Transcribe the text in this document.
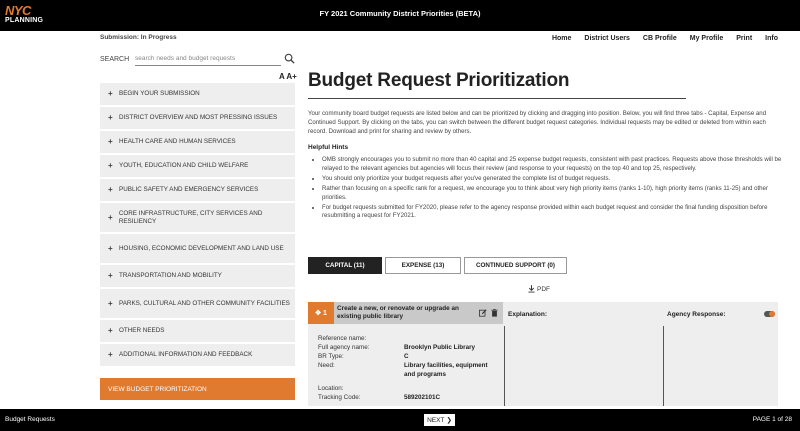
NYC
PLANNING
FY 2021 Community District Priorities (BETA)
Submission: In Progress	Home District Users CB Profile My Profile Print Info
SEARCH
search needs and budget requests
A A+
+ BEGIN YOUR SUBMISSION
+ DISTRICT OVERVIEW AND MOST PRESSING ISSUES
+ HEALTH CARE AND HUMAN SERVICES
+ YOUTH, EDUCATION AND CHILD WELFARE
+ PUBLIC SAFETY AND EMERGENCY SERVICES
+ CORE INFRASTRUCTURE, CITY SERVICES AND RESILIENCY
+ HOUSING, ECONOMIC DEVELOPMENT AND LAND USE
+ TRANSPORTATION AND MOBILITY
+ PARKS, CULTURAL AND OTHER COMMUNITY FACILITIES
+ OTHER NEEDS
+ ADDITIONAL INFORMATION AND FEEDBACK
VIEW BUDGET PRIORITIZATION
Budget Request Prioritization

Your community board budget requests are listed below and can be prioritized by clicking and dragging into position. Below, you will find three tabs - Capital, Expense and Continued Support. By clicking on the tabs, you can switch between the different budget request categories. Individual requests may be edited or deleted from within each record. Download and print for sharing and review by others.

Helpful Hints
• OMB strongly encourages you to submit no more than 40 capital and 25 expense budget requests, consistent with past practices. Requests above those thresholds will be relayed to the relevant agencies but agencies will focus their review (and response to your requests) on the top 40 and top 25, respectively.
• You should only prioritize your budget requests after you've generated the complete list of budget requests.
• Rather than focusing on a specific rank for a request, we encourage you to think about very high priority items (ranks 1-10), high priority items (ranks 11-25) and other priorities.
• For budget requests submitted for FY2020, please refer to the agency response provided within each budget request and consider the final funding disposition before resubmitting a request for FY2021.
CAPITAL (11)	EXPENSE (13)	CONTINUED SUPPORT (0)
PDF
✥ 1
Create a new, or renovate or upgrade an existing public library	Explanation:	Agency Response:
Reference name:
Full agency name:	Brooklyn Public Library
BR Type:	C
Need:	Library facilities, equipment and programs
Location:
Tracking Code:	589202101C
Budget Requests	NEXT ❯	PAGE 1 of 28
